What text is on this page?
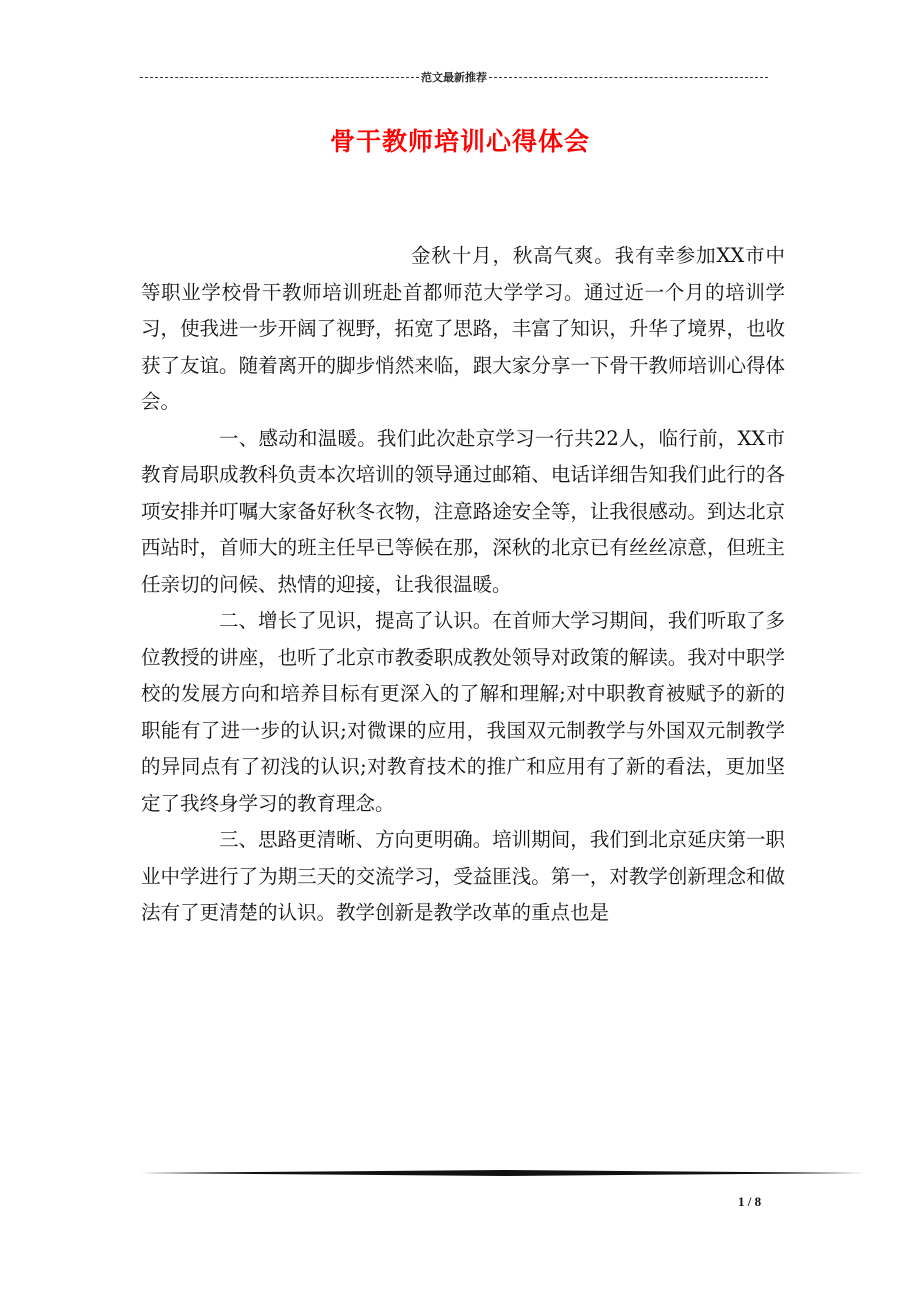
范文最新推荐
骨干教师培训心得体会

金秋十月，秋高气爽。我有幸参加XX市中等职业学校骨干教师培训班赴首都师范大学学习。通过近一个月的培训学习，使我进一步开阔了视野，拓宽了思路，丰富了知识，升华了境界，也收获了友谊。随着离开的脚步悄然来临，跟大家分享一下骨干教师培训心得体会。

一、感动和温暖。我们此次赴京学习一行共22人，临行前，XX市教育局职成教科负责本次培训的领导通过邮箱、电话详细告知我们此行的各项安排并叮嘱大家备好秋冬衣物，注意路途安全等，让我很感动。到达北京西站时，首师大的班主任早已等候在那，深秋的北京已有丝丝凉意，但班主任亲切的问候、热情的迎接，让我很温暖。

二、增长了见识，提高了认识。在首师大学习期间，我们听取了多位教授的讲座，也听了北京市教委职成教处领导对政策的解读。我对中职学校的发展方向和培养目标有更深入的了解和理解;对中职教育被赋予的新的职能有了进一步的认识;对微课的应用，我国双元制教学与外国双元制教学的异同点有了初浅的认识;对教育技术的推广和应用有了新的看法，更加坚定了我终身学习的教育理念。

三、思路更清晰、方向更明确。培训期间，我们到北京延庆第一职业中学进行了为期三天的交流学习，受益匪浅。第一，对教学创新理念和做法有了更清楚的认识。教学创新是教学改革的重点也是

1 / 8
